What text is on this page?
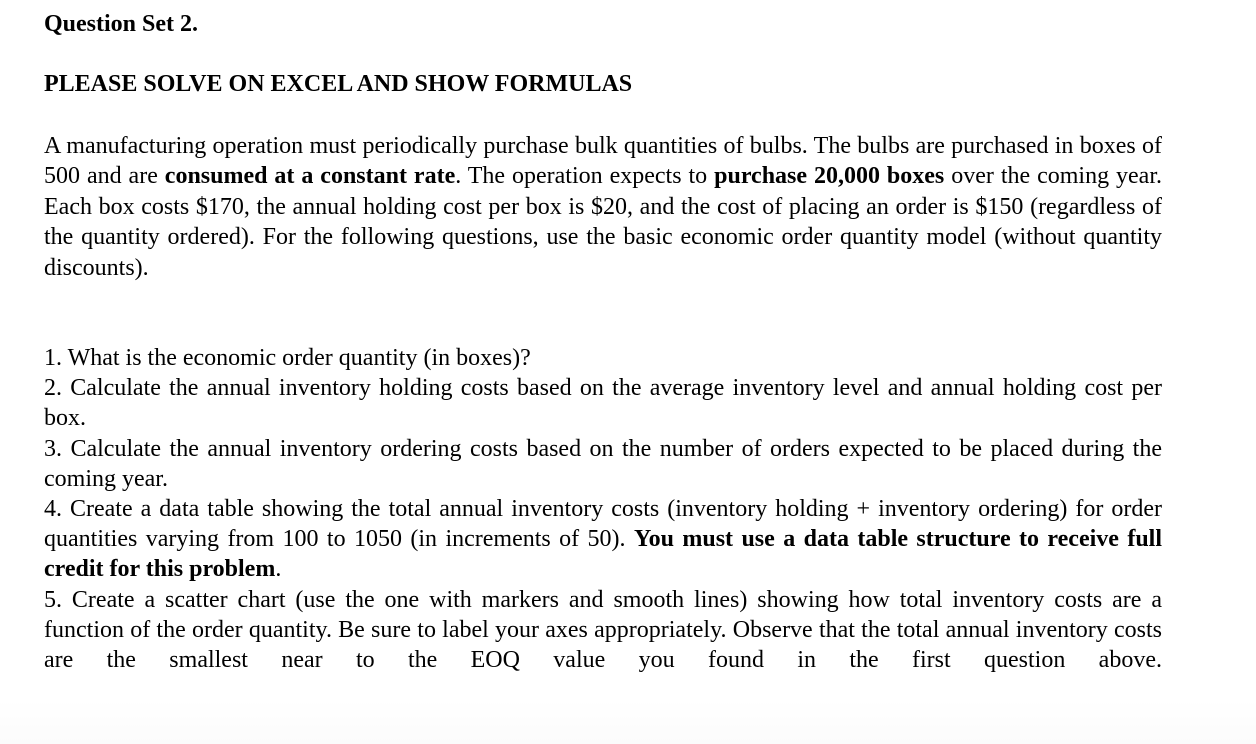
Question Set 2.
PLEASE SOLVE ON EXCEL AND SHOW FORMULAS

A manufacturing operation must periodically purchase bulk quantities of bulbs. The bulbs are purchased in boxes of 500 and are consumed at a constant rate. The operation expects to purchase 20,000 boxes over the coming year. Each box costs $170, the annual holding cost per box is $20, and the cost of placing an order is $150 (regardless of the quantity ordered). For the following questions, use the basic economic order quantity model (without quantity discounts).

1. What is the economic order quantity (in boxes)?

2. Calculate the annual inventory holding costs based on the average inventory level and annual holding cost per box.

3. Calculate the annual inventory ordering costs based on the number of orders expected to be placed during the coming year.

4. Create a data table showing the total annual inventory costs (inventory holding + inventory ordering) for order quantities varying from 100 to 1050 (in increments of 50). You must use a data table structure to receive full credit for this problem.

5. Create a scatter chart (use the one with markers and smooth lines) showing how total inventory costs are a function of the order quantity. Be sure to label your axes appropriately. Observe that the total annual inventory costs are the smallest near to the EOQ value you found in the first question above.
